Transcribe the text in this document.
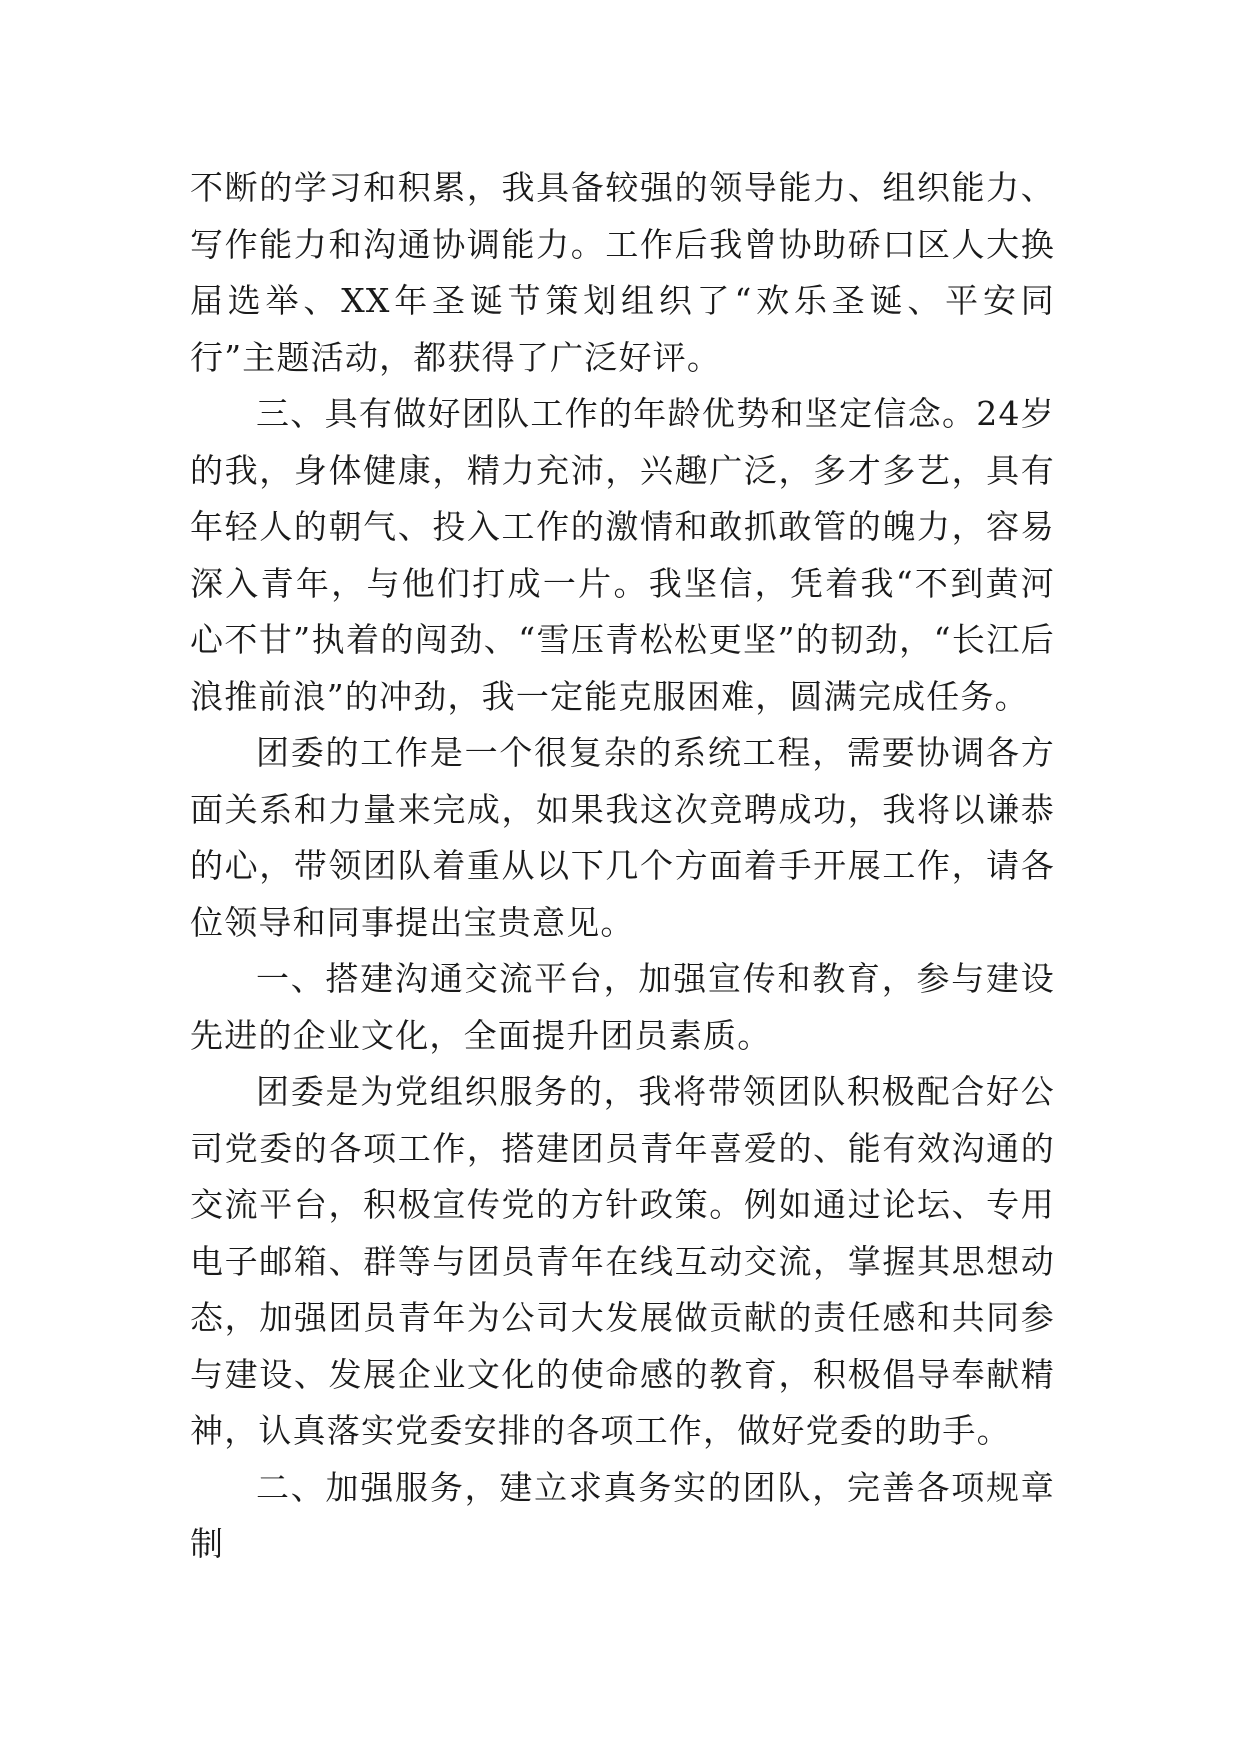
不断的学习和积累，我具备较强的领导能力、组织能力、写作能力和沟通协调能力。工作后我曾协助硚口区人大换届选举、XX年圣诞节策划组织了“欢乐圣诞、平安同行”主题活动，都获得了广泛好评。

三、具有做好团队工作的年龄优势和坚定信念。24岁的我，身体健康，精力充沛，兴趣广泛，多才多艺，具有年轻人的朝气、投入工作的激情和敢抓敢管的魄力，容易深入青年，与他们打成一片。我坚信，凭着我“不到黄河心不甘”执着的闯劲、“雪压青松松更坚”的韧劲，“长江后浪推前浪”的冲劲，我一定能克服困难，圆满完成任务。

团委的工作是一个很复杂的系统工程，需要协调各方面关系和力量来完成，如果我这次竞聘成功，我将以谦恭的心，带领团队着重从以下几个方面着手开展工作，请各位领导和同事提出宝贵意见。

一、搭建沟通交流平台，加强宣传和教育，参与建设先进的企业文化，全面提升团员素质。

团委是为党组织服务的，我将带领团队积极配合好公司党委的各项工作，搭建团员青年喜爱的、能有效沟通的交流平台，积极宣传党的方针政策。例如通过论坛、专用电子邮箱、群等与团员青年在线互动交流，掌握其思想动态，加强团员青年为公司大发展做贡献的责任感和共同参与建设、发展企业文化的使命感的教育，积极倡导奉献精神，认真落实党委安排的各项工作，做好党委的助手。

二、加强服务，建立求真务实的团队，完善各项规章制
